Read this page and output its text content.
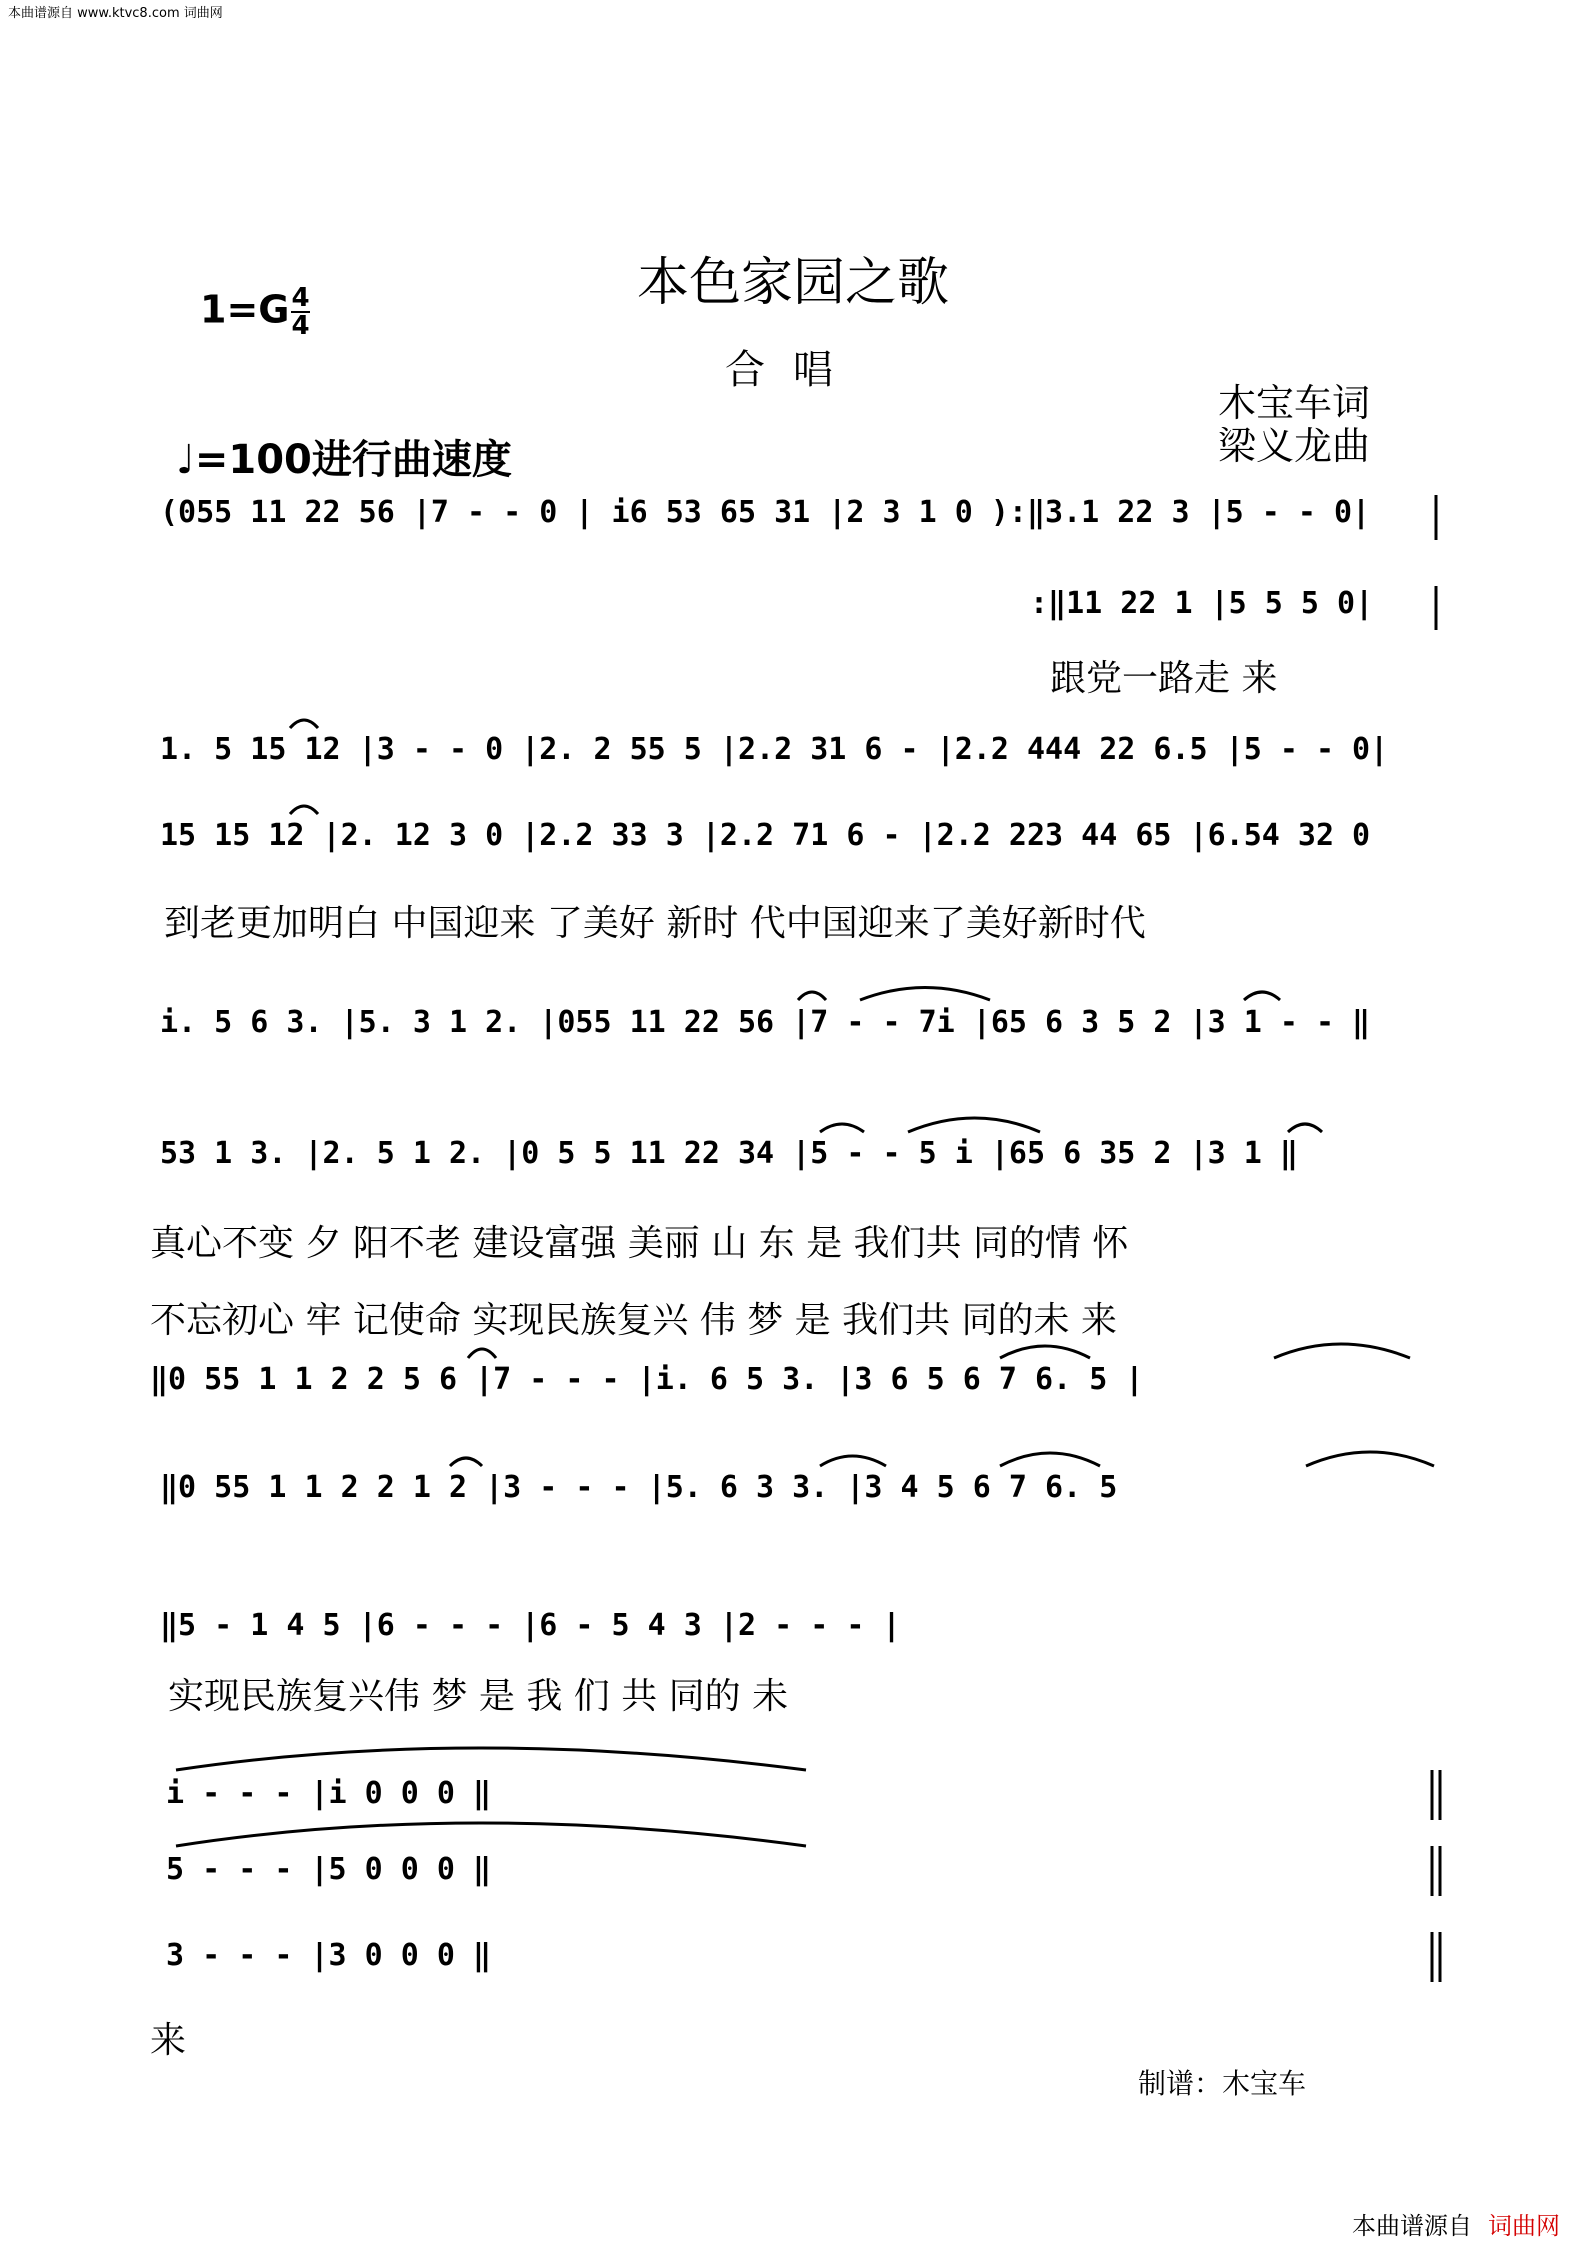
本曲谱源自 www.ktvc8.com 词曲网
本色家园之歌
合唱
$1=G \frac{4}{4}$
木宝车词
梁义龙曲
♩=100进行曲速度
(055 11 22 56 |7 - - 0 | i6 53 65 31 |2 3 1 0 ):‖3.1 22 3 |5 - - 0|
:‖11 22 1 |5 5 5 0|
跟党一路走 来
1. 5 15 12 |3 - - 0 |2. 2 55 5 |2.2 31 6 - |2.2 444 22 6.5 |5 - - 0|
15 15 12 |2. 12 3 0 |2.2 33 3 |2.2 71 6 - |2.2 223 44 65 |6.54 32 0
到老更加明白 中国迎来 了美好 新时 代中国迎来了美好新时代
i. 5 6 3. |5. 3 1 2. |055 11 22 56 |7 - - 7i |65 6 3 5 2 |3 1 - - ‖
53 1 3. |2. 5 1 2. |0 5 5 11 22 34 |5 - - 5 i |65 6 35 2 |3 1 ‖
真心不变 夕 阳不老 建设富强 美丽 山 东 是 我们共 同的情 怀
不忘初心 牢 记使命 实现民族复兴 伟 梦 是 我们共 同的未 来
‖0 55 1 1 2 2 5 6 |7 - - - |i. 6 5 3. |3 6 5 6 7 6. 5 |
‖0 55 1 1 2 2 1 2 |3 - - - |5. 6 3 3. |3 4 5 6 7 6. 5
‖5 - 1 4 5 |6 - - - |6 - 5 4 3 |2 - - - |
实现民族复兴伟 梦 是 我 们 共 同的 未
i - - - |i 0 0 0 ‖
5 - - - |5 0 0 0 ‖
3 - - - |3 0 0 0 ‖
来
制谱：木宝车
本曲谱源自 词曲网
